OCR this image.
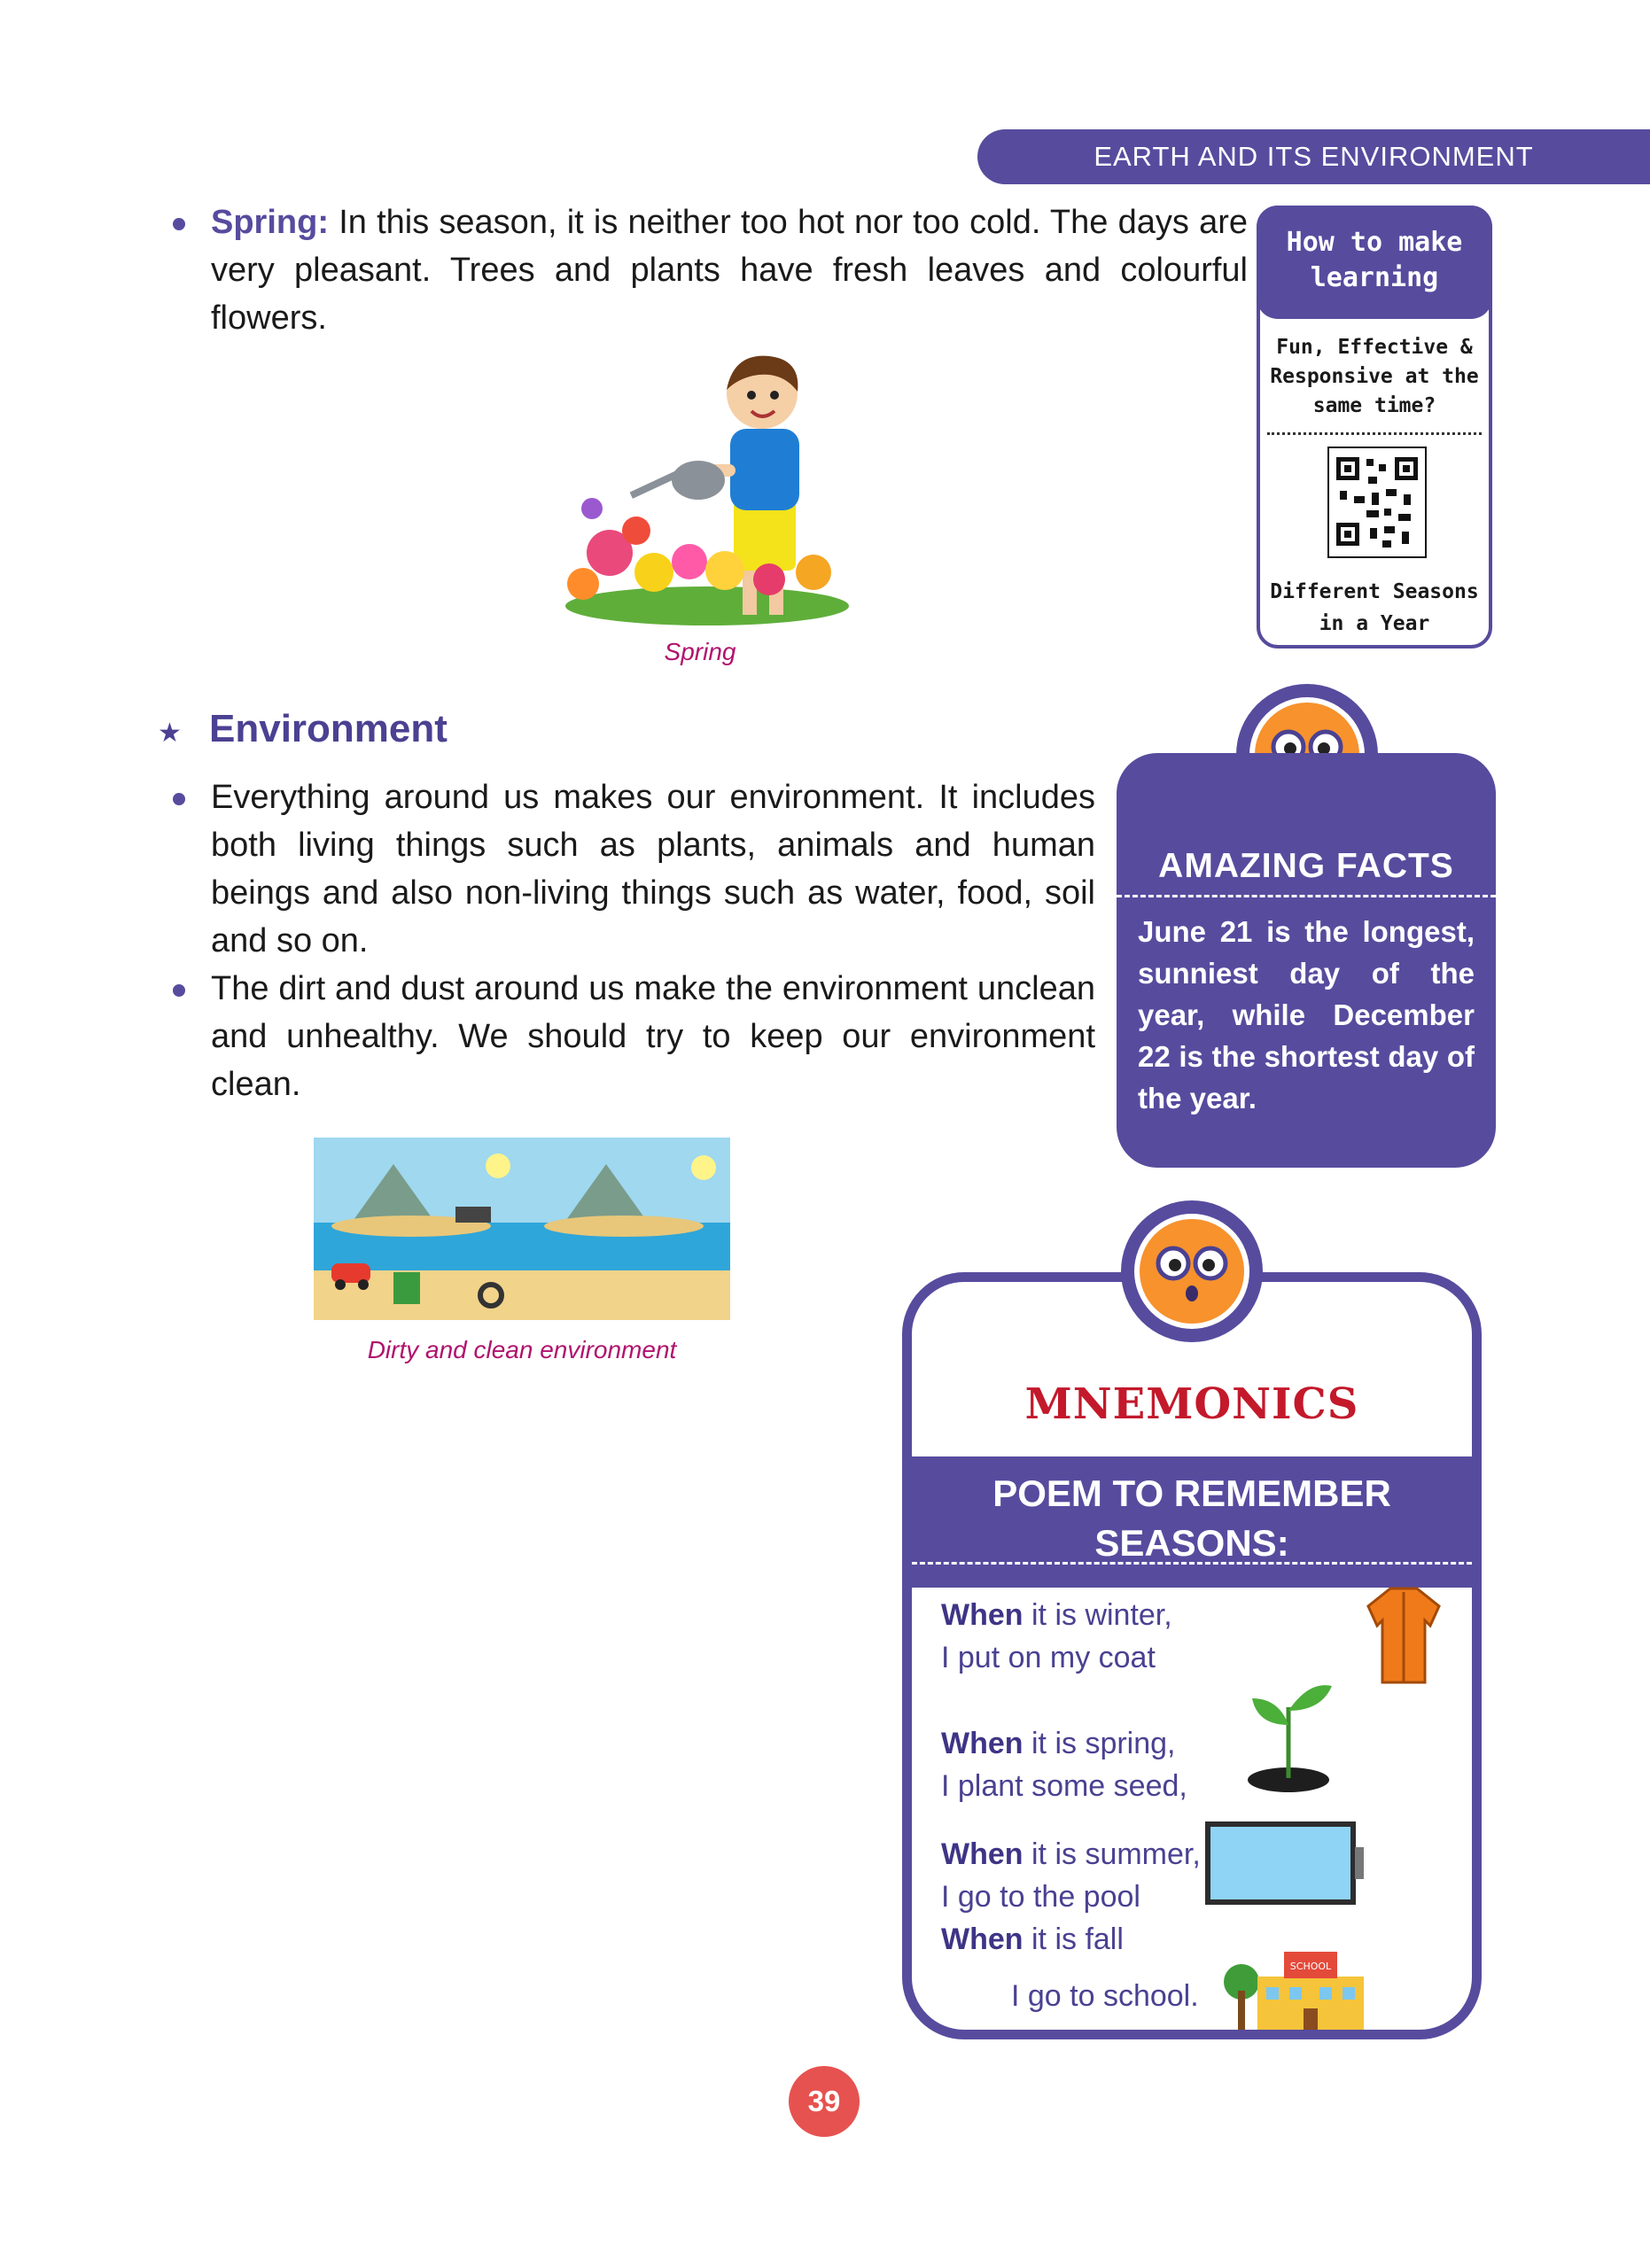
EARTH AND ITS ENVIRONMENT
Spring: In this season, it is neither too hot nor too cold. The days are very pleasant. Trees and plants have fresh leaves and colourful flowers.
Spring
How to make learning
Fun, Effective & Responsive at the same time?
Different Seasons in a Year
★ Environment
Everything around us makes our environment. It includes both living things such as plants, animals and human beings and also non-living things such as water, food, soil and so on.
The dirt and dust around us make the environment unclean and unhealthy. We should try to keep our environment clean.
Dirty and clean environment
AMAZING FACTS
June 21 is the longest, sunniest day of the year, while December 22 is the shortest day of the year.
MNEMONICS
POEM TO REMEMBER SEASONS:
When it is winter,
I put on my coat
When it is spring,
I plant some seed,
When it is summer,
I go to the pool
When it is fall
I go to school.
SCHOOL
39
